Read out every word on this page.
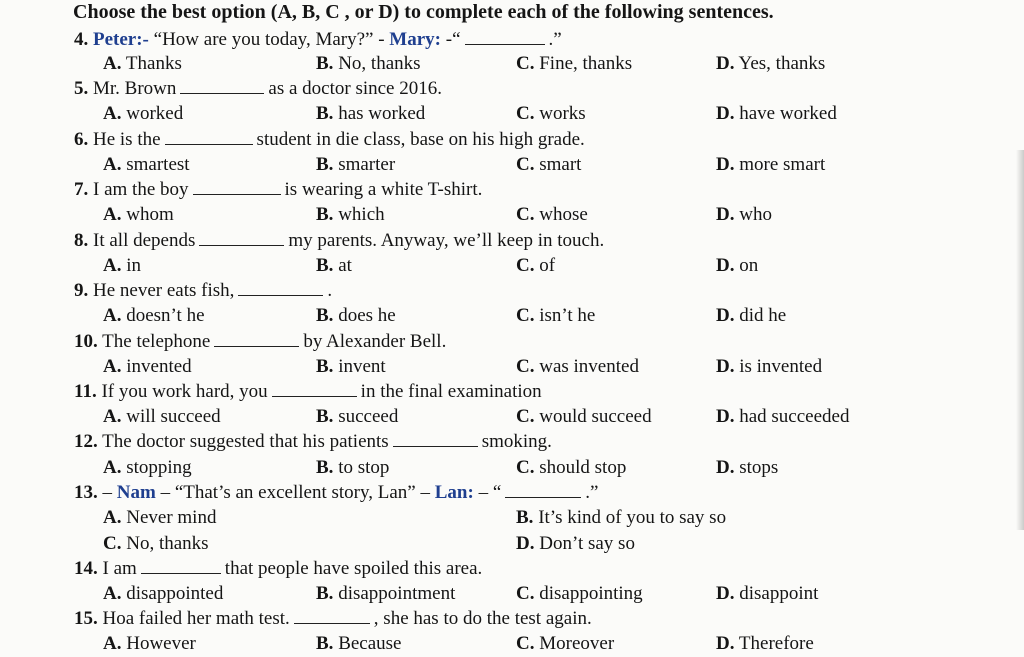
Choose the best option (A, B, C , or D) to complete each of the following sentences.
4. Peter:- “How are you today, Mary?” - Mary: -“	.”
A. Thanks	B. No, thanks	C. Fine, thanks	D. Yes, thanks
5. Mr. Brown	as a doctor since 2016.
A. worked	B. has worked	C. works	D. have worked
6. He is the	student in die class, base on his high grade.
A. smartest	B. smarter	C. smart	D. more smart
7. I am the boy	is wearing a white T-shirt.
A. whom	B. which	C. whose	D. who
8. It all depends	my parents. Anyway, we’ll keep in touch.
A. in	B. at	C. of	D. on
9. He never eats fish,	.
A. doesn’t he	B. does he	C. isn’t he	D. did he
10. The telephone	by Alexander Bell.
A. invented	B. invent	C. was invented	D. is invented
11. If you work hard, you	in the final examination
A. will succeed	B. succeed	C. would succeed	D. had succeeded
12. The doctor suggested that his patients	smoking.
A. stopping	B. to stop	C. should stop	D. stops
13. – Nam – “That’s an excellent story, Lan” – Lan: – “	.”
A. Never mind	B. It’s kind of you to say so
C. No, thanks	D. Don’t say so
14. I am	that people have spoiled this area.
A. disappointed	B. disappointment	C. disappointing	D. disappoint
15. Hoa failed her math test.	, she has to do the test again.
A. However	B. Because	C. Moreover	D. Therefore
